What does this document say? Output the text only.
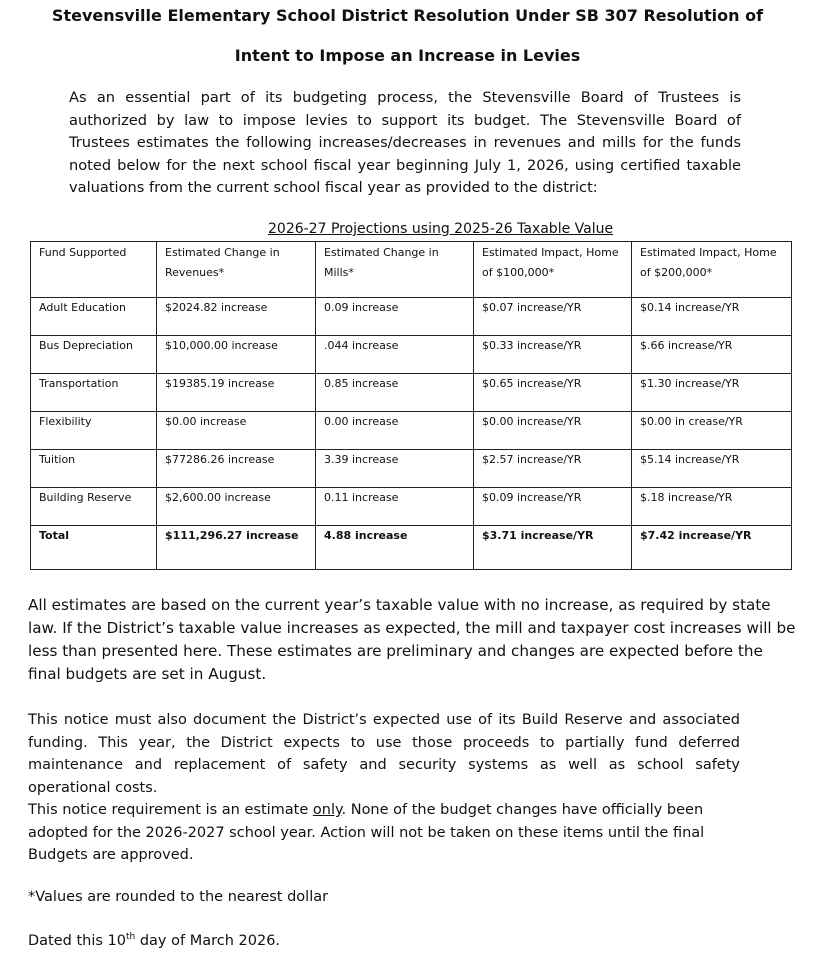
Stevensville Elementary School District Resolution Under SB 307 Resolution of
Intent to Impose an Increase in Levies
As an essential part of its budgeting process, the Stevensville Board of Trustees is authorized by law to impose levies to support its budget. The Stevensville Board of Trustees estimates the following increases/decreases in revenues and mills for the funds noted below for the next school fiscal year beginning July 1, 2026, using certified taxable valuations from the current school fiscal year as provided to the district:
2026-27 Projections using 2025-26 Taxable Value
Fund Supported	Estimated Change in Revenues*	Estimated Change in Mills*	Estimated Impact, Home of $100,000*	Estimated Impact, Home of $200,000*
Adult Education	$2024.82 increase	0.09 increase	$0.07 increase/YR	$0.14 increase/YR
Bus Depreciation	$10,000.00 increase	.044 increase	$0.33 increase/YR	$.66 increase/YR
Transportation	$19385.19 increase	0.85 increase	$0.65 increase/YR	$1.30 increase/YR
Flexibility	$0.00 increase	0.00 increase	$0.00 increase/YR	$0.00 in crease/YR
Tuition	$77286.26 increase	3.39 increase	$2.57 increase/YR	$5.14 increase/YR
Building Reserve	$2,600.00 increase	0.11 increase	$0.09 increase/YR	$.18 increase/YR
Total	$111,296.27 increase	4.88 increase	$3.71 increase/YR	$7.42 increase/YR
All estimates are based on the current year’s taxable value with no increase, as required by state law. If the District’s taxable value increases as expected, the mill and taxpayer cost increases will be less than presented here. These estimates are preliminary and changes are expected before the final budgets are set in August.
This notice must also document the District’s expected use of its Build Reserve and associated funding. This year, the District expects to use those proceeds to partially fund deferred maintenance and replacement of safety and security systems as well as school safety operational costs.
This notice requirement is an estimate only. None of the budget changes have officially been adopted for the 2026-2027 school year. Action will not be taken on these items until the final Budgets are approved.
*Values are rounded to the nearest dollar
Dated this 10th day of March 2026.
